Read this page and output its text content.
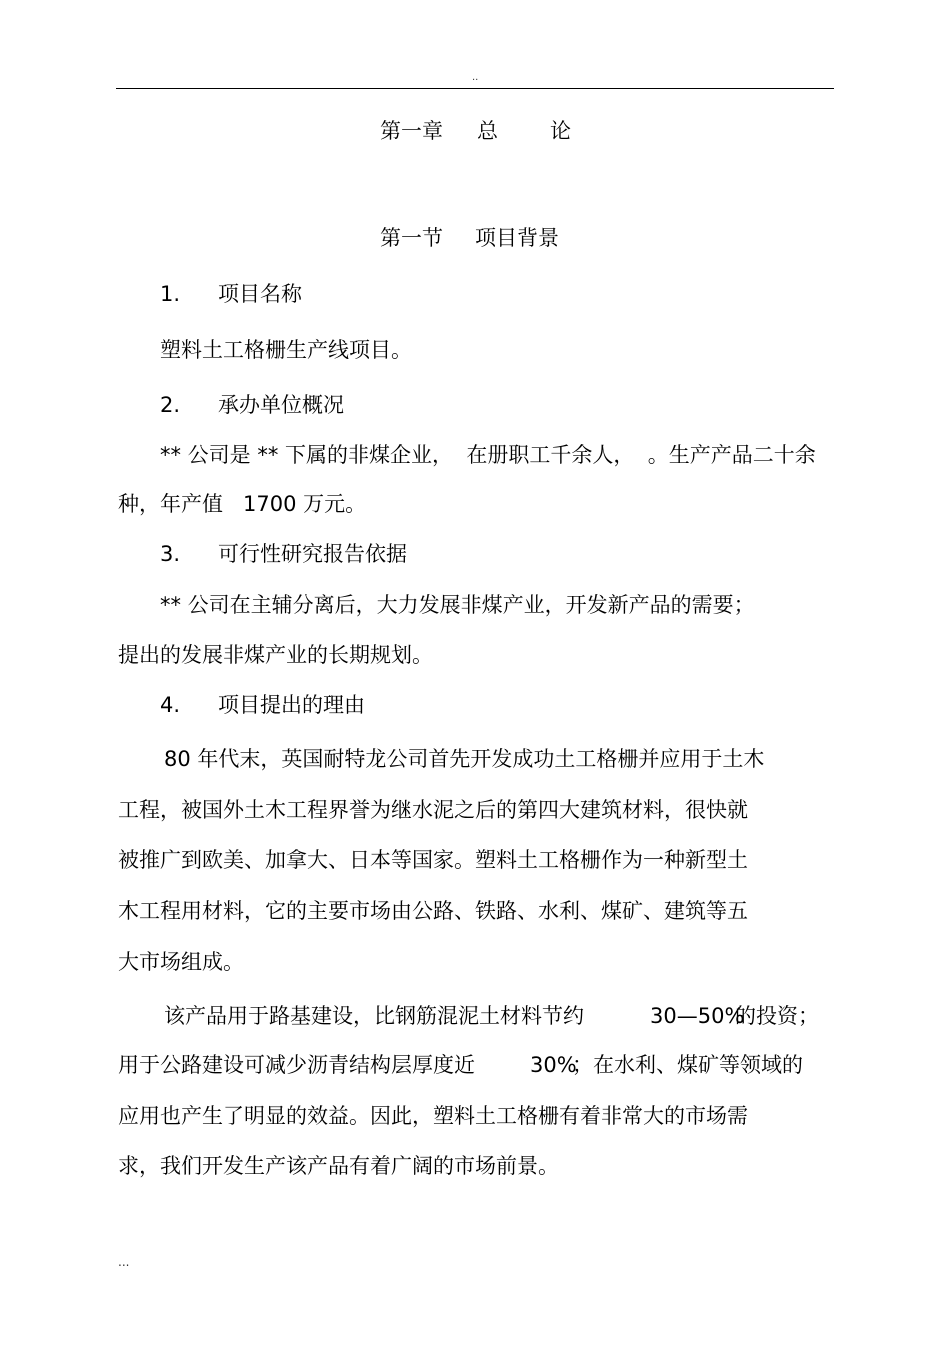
..
第一章 总 论
第一节 项目背景
1. 项目名称
塑料土工格栅生产线项目。
2. 承办单位概况
** 公司是 ** 下属的非煤企业，  在册职工千余人，  。生产产品二十余
种，年产值   1700 万元。
3. 可行性研究报告依据
** 公司在主辅分离后，大力发展非煤产业，开发新产品的需要；
提出的发展非煤产业的长期规划。
4. 项目提出的理由
80 年代末，英国耐特龙公司首先开发成功土工格栅并应用于土木
工程，被国外土木工程界誉为继水泥之后的第四大建筑材料，很快就
被推广到欧美、加拿大、日本等国家。塑料土工格栅作为一种新型土
木工程用材料，它的主要市场由公路、铁路、水利、煤矿、建筑等五
大市场组成。
该产品用于路基建设，比钢筋混泥土材料节约	30—50%
的投资；
用于公路建设可减少沥青结构层厚度近	30%
；在水利、煤矿等领域的
应用也产生了明显的效益。因此，塑料土工格栅有着非常大的市场需
求，我们开发生产该产品有着广阔的市场前景。
...
